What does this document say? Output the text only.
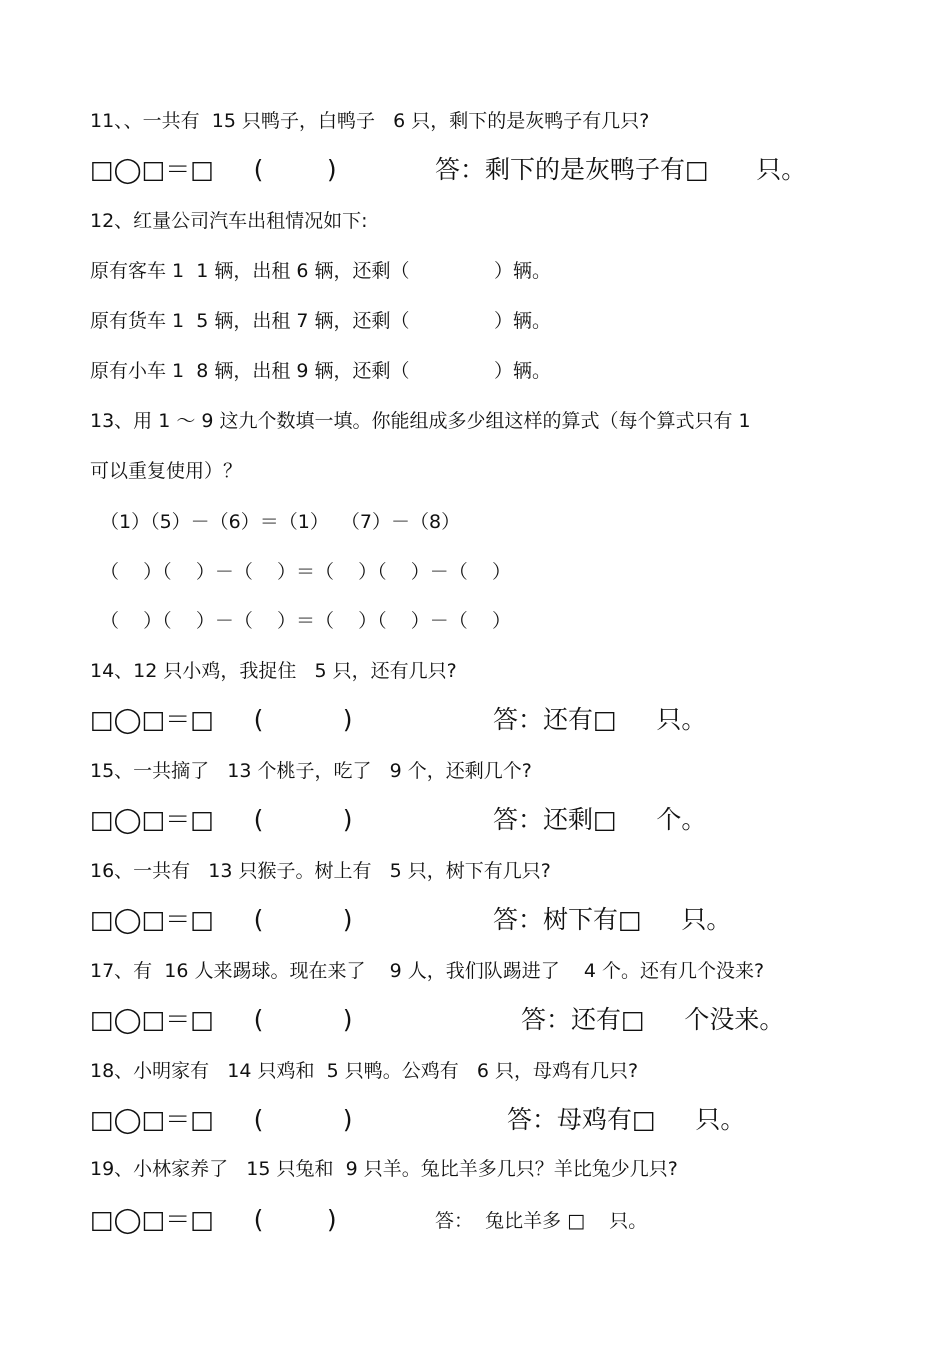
11、、一共有  15 只鸭子，白鸭子   6 只，剩下的是灰鸭子有几只?
□◯□＝□     (        )	答：剩下的是灰鸭子有□      只。
12、红量公司汽车出租情况如下:
原有客车 1  1 辆，出租 6 辆，还剩（              ）辆。
原有货车 1  5 辆，出租 7 辆，还剩（              ）辆。
原有小车 1  8 辆，出租 9 辆，还剩（              ）辆。
13、用 1 ～ 9 这九个数填一填。你能组成多少组这样的算式（每个算式只有 1
可以重复使用）？
（1）（5）－（6）＝（1）  （7）－（8）
（    ）（    ）－（    ）＝（    ）（    ）－（    ）
（    ）（    ）－（    ）＝（    ）（    ）－（    ）
14、12 只小鸡，我捉住   5 只，还有几只?
□◯□＝□     (          )	答：还有□     只。
15、一共摘了   13 个桃子，吃了   9 个，还剩几个?
□◯□＝□     (          )	答：还剩□     个。
16、一共有   13 只猴子。树上有   5 只，树下有几只?
□◯□＝□     (          )	答：树下有□     只。
17、有  16 人来踢球。现在来了    9 人，我们队踢进了    4 个。还有几个没来?
□◯□＝□     (          )	答：还有□     个没来。
18、小明家有   14 只鸡和  5 只鸭。公鸡有   6 只，母鸡有几只?
□◯□＝□     (          )	答：母鸡有□     只。
19、小林家养了   15 只兔和  9 只羊。兔比羊多几只？羊比兔少几只?
□◯□＝□     (        )	答：  兔比羊多 □    只。
